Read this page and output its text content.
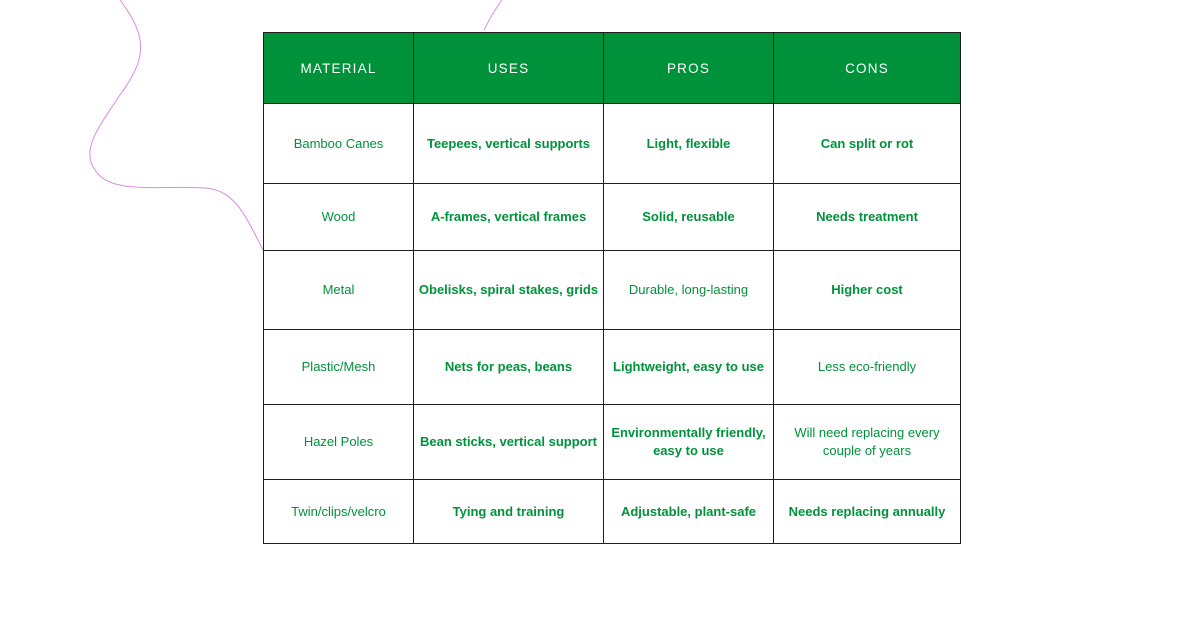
MATERIAL	USES	PROS	CONS
Bamboo Canes	Teepees, vertical supports	Light, flexible	Can split or rot
Wood	A-frames, vertical frames	Solid, reusable	Needs treatment
Metal	Obelisks, spiral stakes, grids	Durable, long-lasting	Higher cost
Plastic/Mesh	Nets for peas, beans	Lightweight, easy to use	Less eco-friendly
Hazel Poles	Bean sticks, vertical support	Environmentally friendly, easy to use	Will need replacing every couple of years
Twin/clips/velcro	Tying and training	Adjustable, plant-safe	Needs replacing annually
